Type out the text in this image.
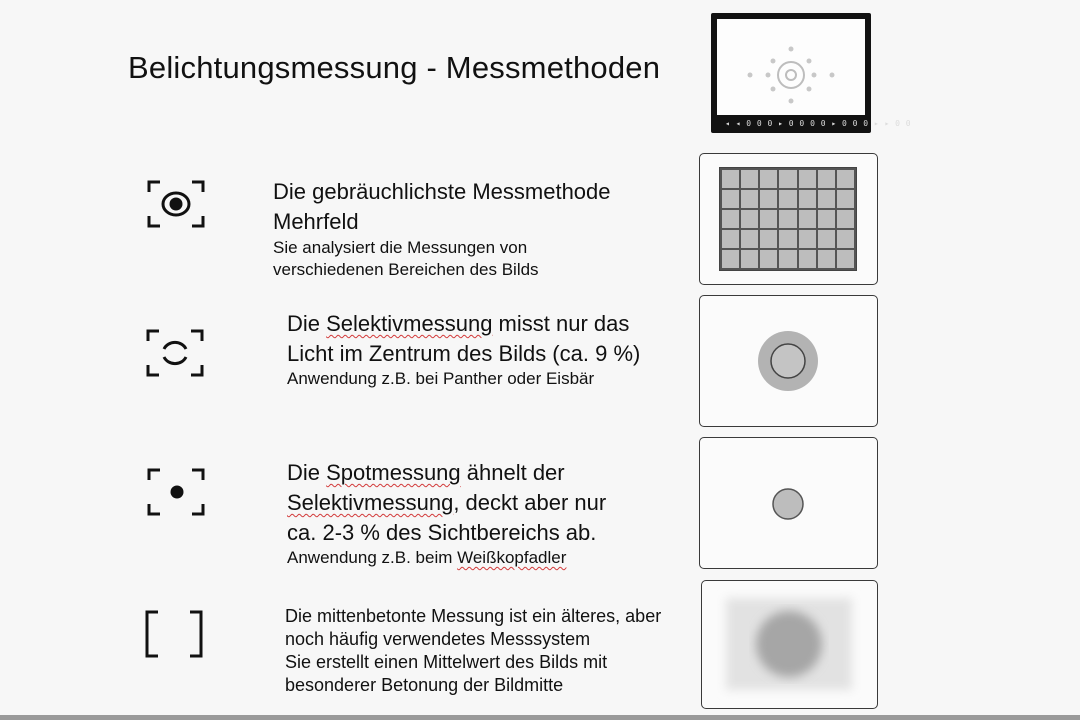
Belichtungsmessung - Messmethoden
◂ ◂ 0 0 0 ▸ 0 0 0 0 ▸ 0 0 0 ▸ ▸ 0 0
Die gebräuchlichste Messmethode
Mehrfeld
Sie analysiert die Messungen von
verschiedenen Bereichen des Bilds
Die Selektivmessung misst nur das
Licht im Zentrum des Bilds (ca. 9 %)
Anwendung z.B. bei Panther oder Eisbär
Die Spotmessung ähnelt der
Selektivmessung, deckt aber nur
ca. 2-3 % des Sichtbereichs ab.
Anwendung z.B. beim Weißkopfadler
Die mittenbetonte Messung ist ein älteres, aber
noch häufig verwendetes Messsystem
Sie erstellt einen Mittelwert des Bilds mit
besonderer Betonung der Bildmitte
